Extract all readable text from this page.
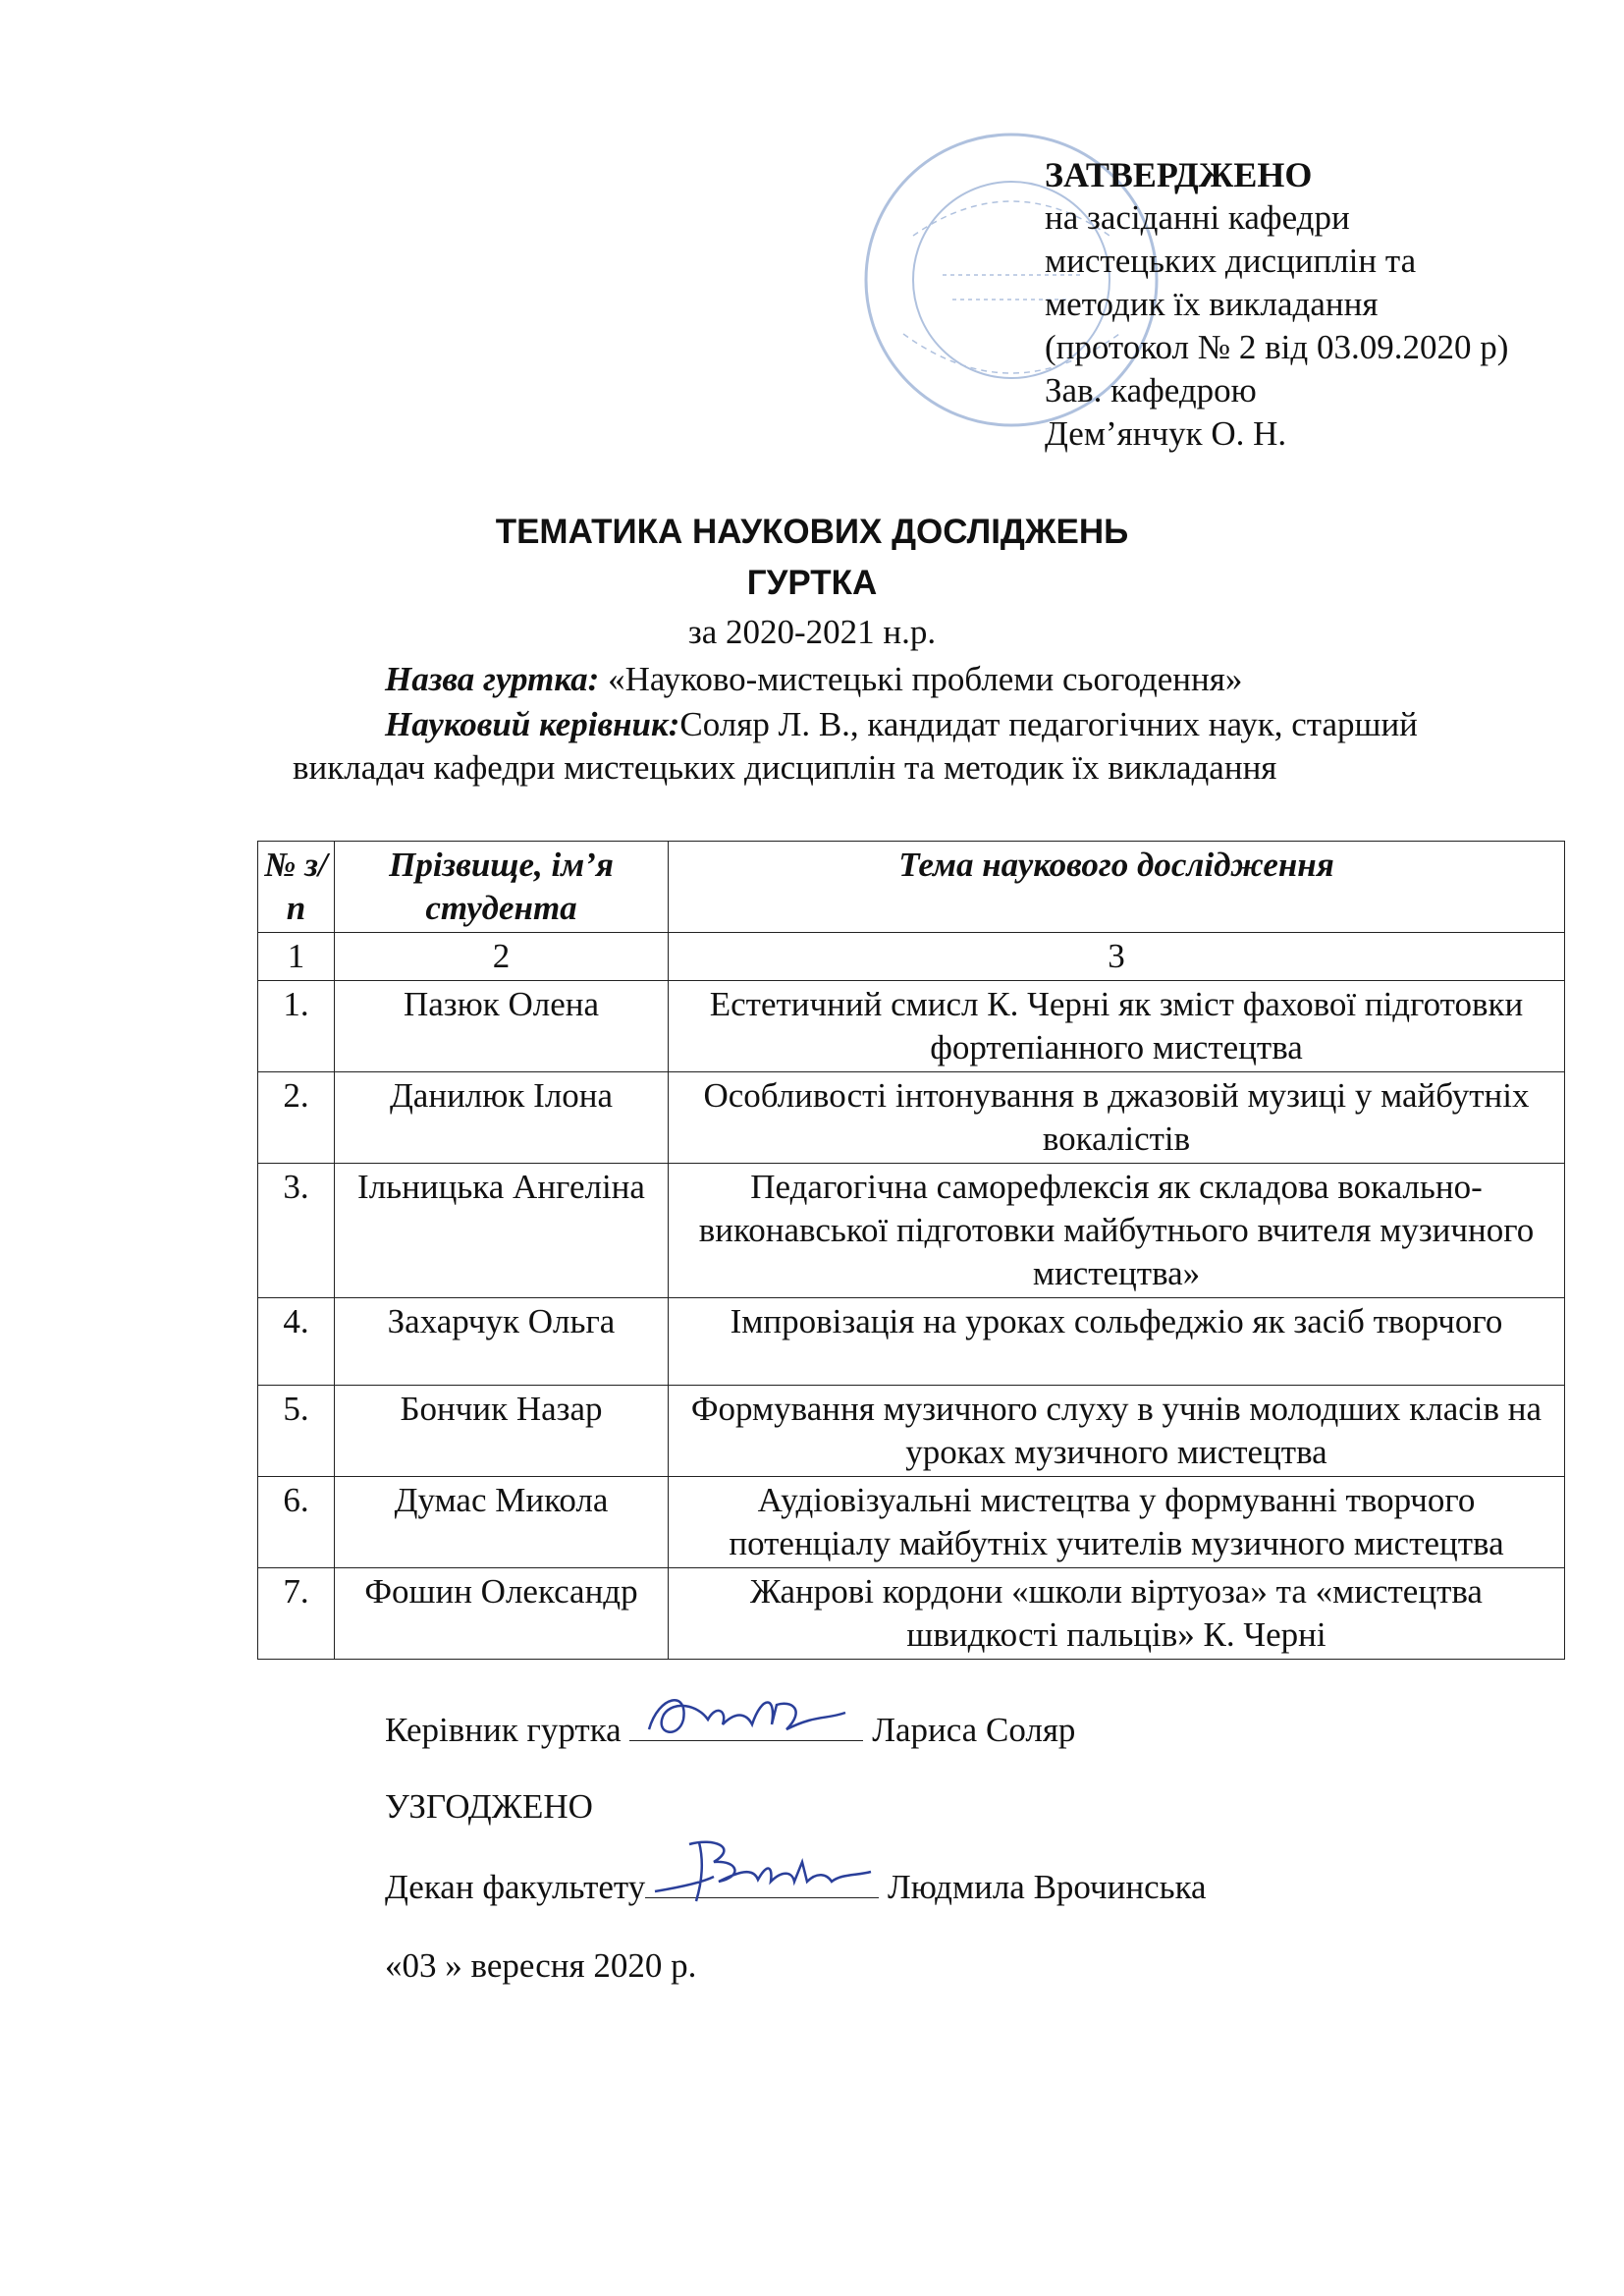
ЗАТВЕРДЖЕНО
на засіданні кафедри
мистецьких дисциплін та
методик їх викладання
(протокол № 2 від 03.09.2020 р)
Зав. кафедрою
Дем’янчук О. Н.
ТЕМАТИКА НАУКОВИХ ДОСЛІДЖЕНЬ
ГУРТКА
за 2020-2021 н.р.
Назва гуртка: «Науково-мистецькі проблеми сьогодення»
Науковий керівник:Соляр Л. В., кандидат педагогічних наук, старший
викладач кафедри мистецьких дисциплін та методик їх викладання
№ з/п	Прізвище, ім’я студента	Тема наукового дослідження
1	2	3
1.	Пазюк Олена	Естетичний смисл К. Черні як зміст фахової підготовки фортепіанного мистецтва
2.	Данилюк Ілона	Особливості інтонування в джазовій музиці у майбутніх вокалістів
3.	Ільницька Ангеліна	Педагогічна саморефлексія як складова вокально-виконавської підготовки майбутнього вчителя музичного мистецтва»
4.	Захарчук Ольга	Імпровізація на уроках сольфеджіо як засіб творчого
5.	Бончик Назар	Формування музичного слуху в учнів молодших класів на уроках музичного мистецтва
6.	Думас Микола	Аудіовізуальні мистецтва у формуванні творчого потенціалу майбутніх учителів музичного мистецтва
7.	Фошин Олександр	Жанрові кордони «школи віртуоза» та «мистецтва швидкості пальців» К. Черні
Керівник гуртка	Лариса Соляр
УЗГОДЖЕНО
Декан факультету	Людмила Врочинська
«03 » вересня 2020 р.
